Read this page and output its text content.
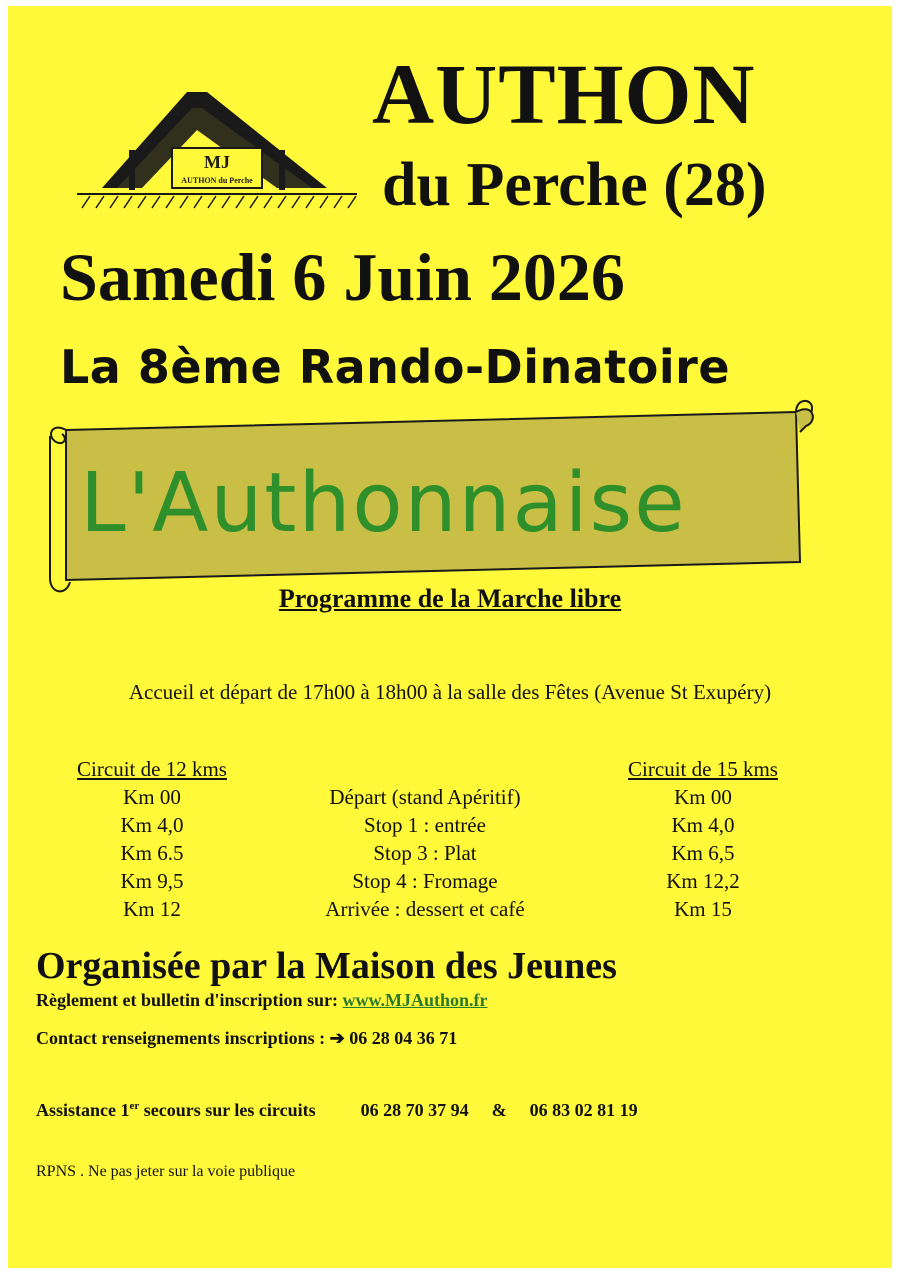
MJ
AUTHON du Perche
AUTHON
du Perche (28)
Samedi 6 Juin 2026
La 8ème Rando-Dinatoire
L'Authonnaise
Programme de la Marche libre
Accueil et départ de 17h00 à 18h00 à la salle des Fêtes (Avenue St Exupéry)
Circuit de 12 kms
Km 00
Km 4,0
Km 6.5
Km 9,5
Km 12
Départ (stand Apéritif)
Stop 1 : entrée
Stop 3 : Plat
Stop 4 : Fromage
Arrivée : dessert et café
Circuit de 15 kms
Km 00
Km 4,0
Km 6,5
Km 12,2
Km 15
Organisée par la Maison des Jeunes
Règlement et bulletin d'inscription sur: www.MJAuthon.fr
Contact renseignements inscriptions : ➔ 06 28 04 36 71
Assistance 1er secours sur les circuits	06 28 70 37 94 & 06 83 02 81 19
RPNS . Ne pas jeter sur la voie publique
